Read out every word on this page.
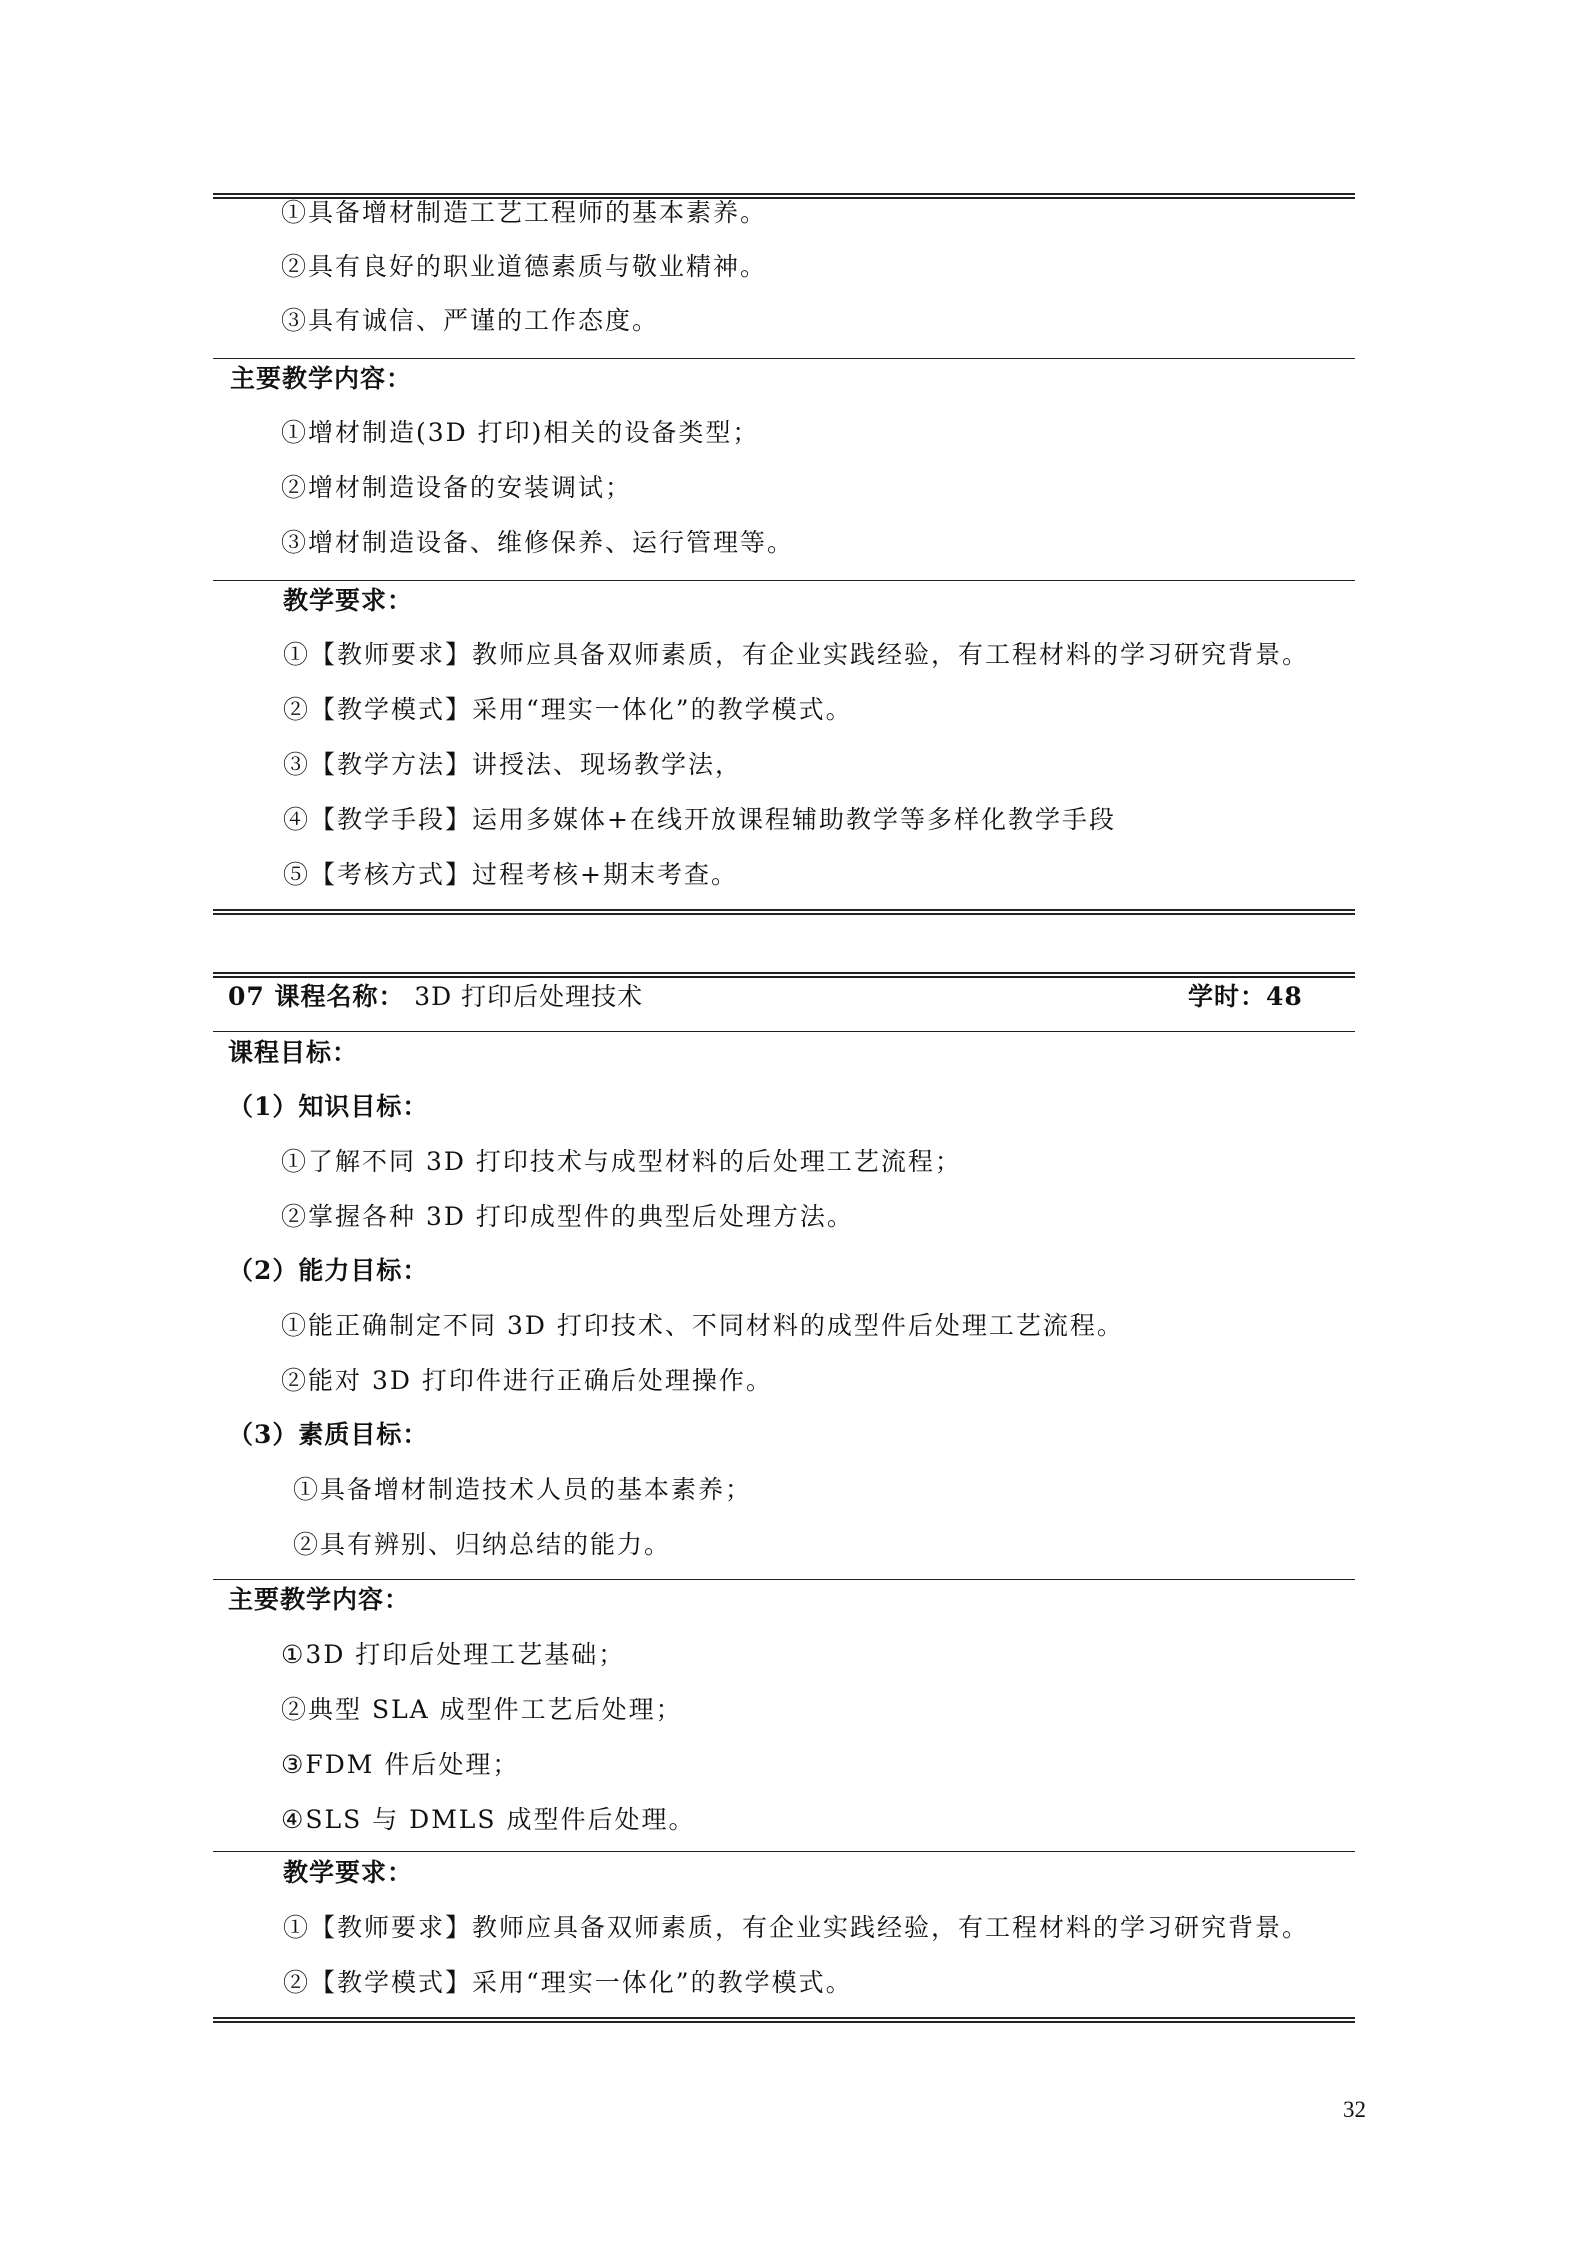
①具备增材制造工艺工程师的基本素养。
②具有良好的职业道德素质与敬业精神。
③具有诚信、严谨的工作态度。
主要教学内容：
①增材制造(3D 打印)相关的设备类型；
②增材制造设备的安装调试；
③增材制造设备、维修保养、运行管理等。
教学要求：
①【教师要求】教师应具备双师素质，有企业实践经验，有工程材料的学习研究背景。
②【教学模式】采用“理实一体化”的教学模式。
③【教学方法】讲授法、现场教学法，
④【教学手段】运用多媒体+在线开放课程辅助教学等多样化教学手段
⑤【考核方式】过程考核+期末考查。
07 课程名称： 3D 打印后处理技术	学时：48
课程目标：
（1）知识目标：
①了解不同 3D 打印技术与成型材料的后处理工艺流程；
②掌握各种 3D 打印成型件的典型后处理方法。
（2）能力目标：
①能正确制定不同 3D 打印技术、不同材料的成型件后处理工艺流程。
②能对 3D 打印件进行正确后处理操作。
（3）素质目标：
①具备增材制造技术人员的基本素养；
②具有辨别、归纳总结的能力。
主要教学内容：
①3D 打印后处理工艺基础；
②典型 SLA 成型件工艺后处理；
③FDM 件后处理；
④SLS 与 DMLS 成型件后处理。
教学要求：
①【教师要求】教师应具备双师素质，有企业实践经验，有工程材料的学习研究背景。
②【教学模式】采用“理实一体化”的教学模式。
32
